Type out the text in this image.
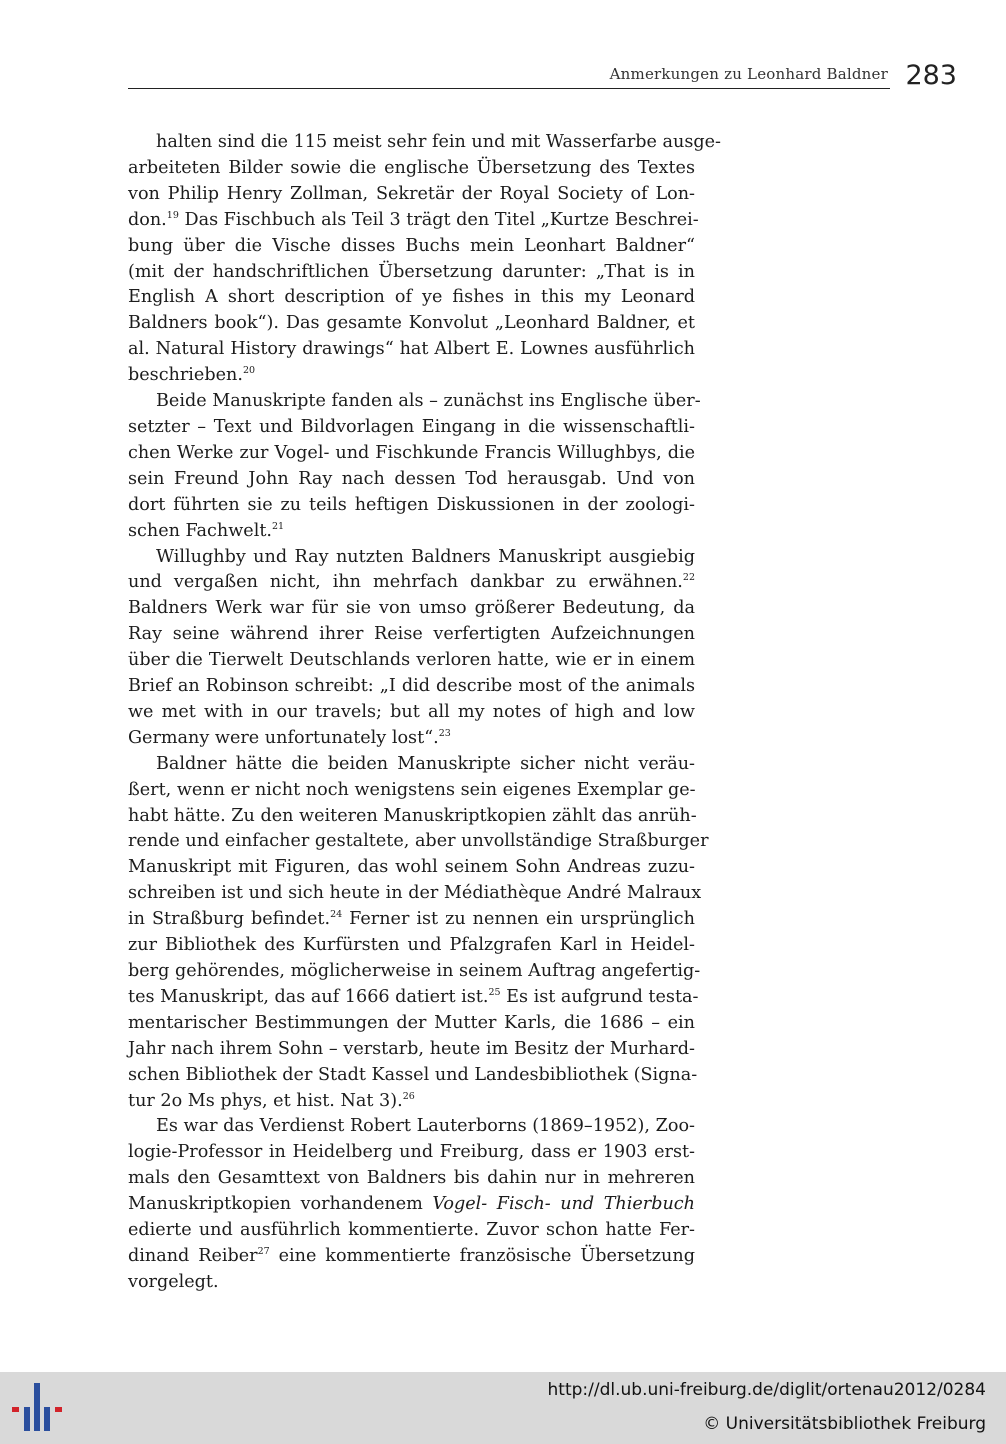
Anmerkungen zu Leonhard Baldner 283
halten sind die 115 meist sehr fein und mit Wasserfarbe ausge-
arbeiteten Bilder sowie die englische Übersetzung des Textes
von Philip Henry Zollman, Sekretär der Royal Society of Lon-
don.$^{19}$ Das Fischbuch als Teil 3 trägt den Titel „Kurtze Beschrei-
bung über die Vische disses Buchs mein Leonhart Baldner“
(mit der handschriftlichen Übersetzung darunter: „That is in
English A short description of ye fishes in this my Leonard
Baldners book“). Das gesamte Konvolut „Leonhard Baldner, et
al. Natural History drawings“ hat Albert E. Lownes ausführlich
beschrieben.$^{20}$
Beide Manuskripte fanden als – zunächst ins Englische über-
setzter – Text und Bildvorlagen Eingang in die wissenschaftli-
chen Werke zur Vogel- und Fischkunde Francis Willughbys, die
sein Freund John Ray nach dessen Tod herausgab. Und von
dort führten sie zu teils heftigen Diskussionen in der zoologi-
schen Fachwelt.$^{21}$
Willughby und Ray nutzten Baldners Manuskript ausgiebig
und vergaßen nicht, ihn mehrfach dankbar zu erwähnen.$^{22}$
Baldners Werk war für sie von umso größerer Bedeutung, da
Ray seine während ihrer Reise verfertigten Aufzeichnungen
über die Tierwelt Deutschlands verloren hatte, wie er in einem
Brief an Robinson schreibt: „I did describe most of the animals
we met with in our travels; but all my notes of high and low
Germany were unfortunately lost“.$^{23}$
Baldner hätte die beiden Manuskripte sicher nicht veräu-
ßert, wenn er nicht noch wenigstens sein eigenes Exemplar ge-
habt hätte. Zu den weiteren Manuskriptkopien zählt das anrüh-
rende und einfacher gestaltete, aber unvollständige Straßburger
Manuskript mit Figuren, das wohl seinem Sohn Andreas zuzu-
schreiben ist und sich heute in der Médiathèque André Malraux
in Straßburg befindet.$^{24}$ Ferner ist zu nennen ein ursprünglich
zur Bibliothek des Kurfürsten und Pfalzgrafen Karl in Heidel-
berg gehörendes, möglicherweise in seinem Auftrag angefertig-
tes Manuskript, das auf 1666 datiert ist.$^{25}$ Es ist aufgrund testa-
mentarischer Bestimmungen der Mutter Karls, die 1686 – ein
Jahr nach ihrem Sohn – verstarb, heute im Besitz der Murhard-
schen Bibliothek der Stadt Kassel und Landesbibliothek (Signa-
tur 2o Ms phys, et hist. Nat 3).$^{26}$
Es war das Verdienst Robert Lauterborns (1869–1952), Zoo-
logie-Professor in Heidelberg und Freiburg, dass er 1903 erst-
mals den Gesamttext von Baldners bis dahin nur in mehreren
Manuskriptkopien vorhandenem Vogel- Fisch- und Thierbuch
edierte und ausführlich kommentierte. Zuvor schon hatte Fer-
dinand Reiber$^{27}$ eine kommentierte französische Übersetzung
vorgelegt.
http://dl.ub.uni-freiburg.de/diglit/ortenau2012/0284
© Universitätsbibliothek Freiburg
